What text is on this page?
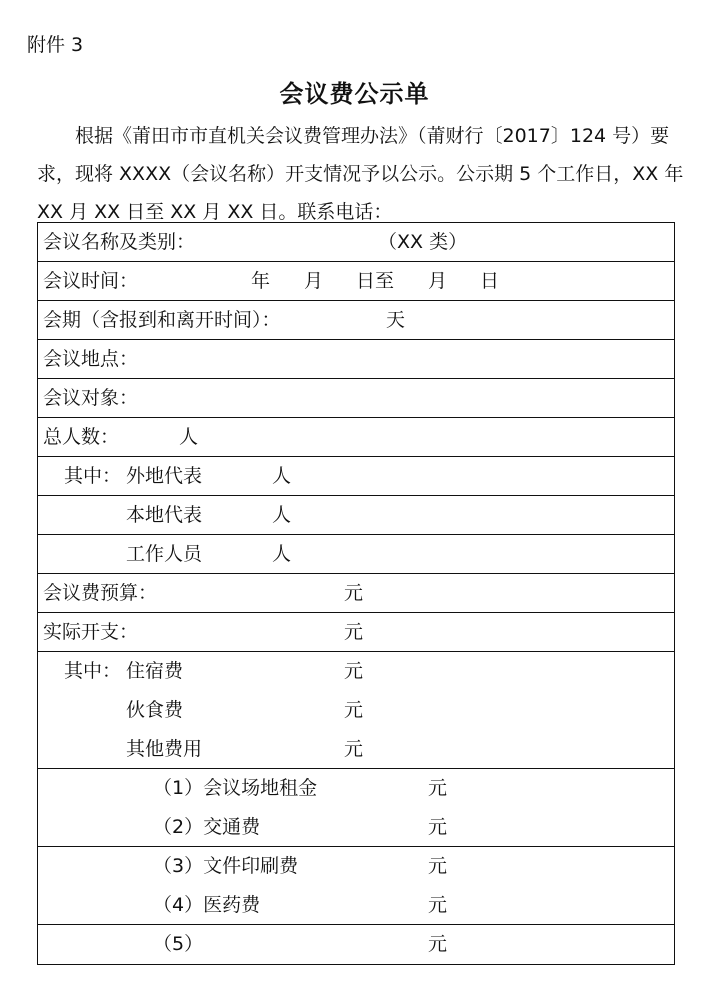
附件 3
会议费公示单
根据《莆田市市直机关会议费管理办法》（莆财行〔2017〕124 号）要
求，现将 XXXX（会议名称）开支情况予以公示。公示期 5 个工作日，XX 年
XX 月 XX 日至 XX 月 XX 日。联系电话：
会议名称及类别：	（XX 类）
会议时间：	年 月 日至 月 日
会期（含报到和离开时间）：	天
会议地点：
会议对象：
总人数：	人
其中： 外地代表	人
本地代表	人
工作人员	人
会议费预算：	元
实际开支：	元
其中： 住宿费	元
伙食费	元
其他费用	元
（1）会议场地租金	元
（2）交通费	元
（3）文件印刷费	元
（4）医药费	元
（5）	元
